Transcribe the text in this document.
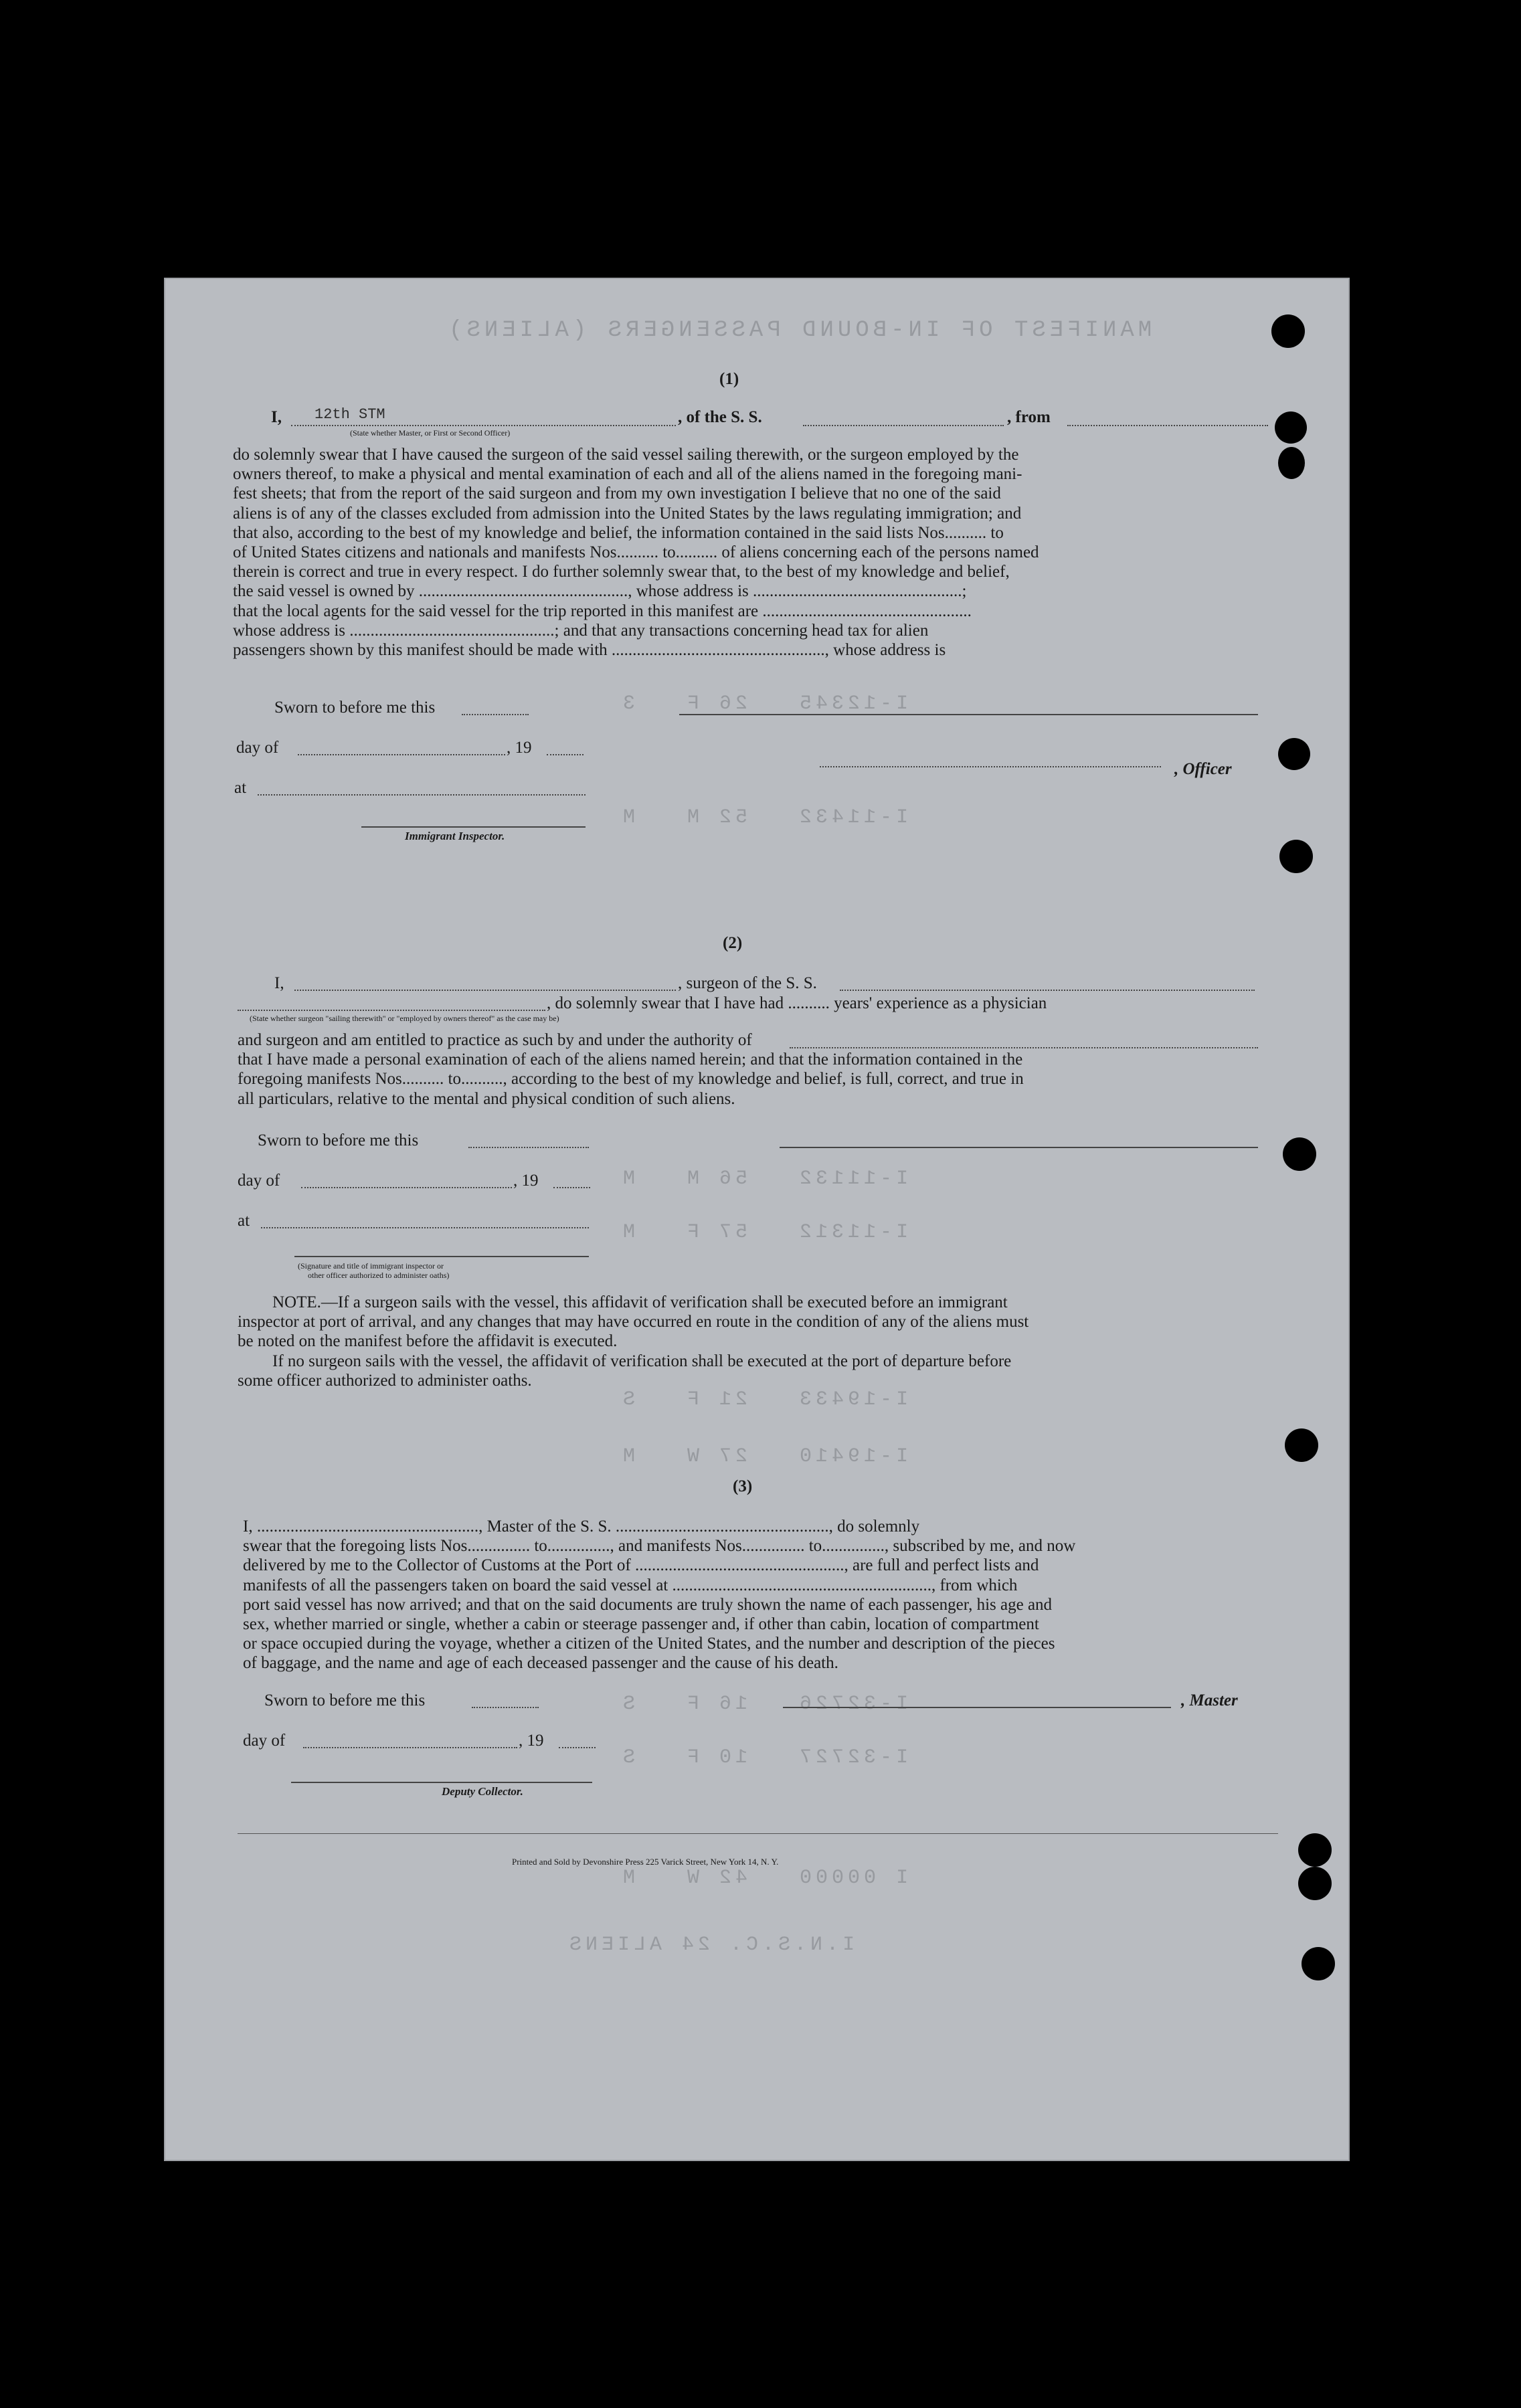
MANIFEST OF IN-BOUND PASSENGERS (ALIENS)
I-12345   26 F   3
I-11432   52 M   M
I-11132   56 M   M
I-11312   57 F   M
I-19433   21 F   S
I-19410   27 W   M
I-32726   16 F   S
I-32727   10 F   S
I 00000   42 W   M
I.N.S.C. 24 ALIENS
(1)
I, 12th STM	, of the S. S.	, from
(State whether Master, or First or Second Officer)
do solemnly swear that I have caused the surgeon of the said vessel sailing therewith, or the surgeon employed by the
owners thereof, to make a physical and mental examination of each and all of the aliens named in the foregoing mani-
fest sheets; that from the report of the said surgeon and from my own investigation I believe that no one of the said
aliens is of any of the classes excluded from admission into the United States by the laws regulating immigration; and
that also, according to the best of my knowledge and belief, the information contained in the said lists Nos.......... to
of United States citizens and nationals and manifests Nos.......... to.......... of aliens concerning each of the persons named
therein is correct and true in every respect. I do further solemnly swear that, to the best of my knowledge and belief,
the said vessel is owned by .................................................., whose address is ..................................................;
that the local agents for the said vessel for the trip reported in this manifest are ..................................................
whose address is .................................................; and that any transactions concerning head tax for alien
passengers shown by this manifest should be made with ..................................................., whose address is
Sworn to before me this
day of	, 19
, Officer
at
Immigrant Inspector.
(2)
I,	, surgeon of the S. S.
, do solemnly swear that I have had .......... years' experience as a physician
(State whether surgeon "sailing therewith" or "employed by owners thereof" as the case may be)
and surgeon and am entitled to practice as such by and under the authority of
that I have made a personal examination of each of the aliens named herein; and that the information contained in the
foregoing manifests Nos.......... to.........., according to the best of my knowledge and belief, is full, correct, and true in
all particulars, relative to the mental and physical condition of such aliens.
Sworn to before me this
day of	, 19
at
(Signature and title of immigrant inspector or
other officer authorized to administer oaths)
NOTE.—If a surgeon sails with the vessel, this affidavit of verification shall be executed before an immigrant
inspector at port of arrival, and any changes that may have occurred en route in the condition of any of the aliens must
be noted on the manifest before the affidavit is executed.
If no surgeon sails with the vessel, the affidavit of verification shall be executed at the port of departure before
some officer authorized to administer oaths.
(3)
I, ....................................................., Master of the S. S. ..................................................., do solemnly
swear that the foregoing lists Nos............... to..............., and manifests Nos............... to..............., subscribed by me, and now
delivered by me to the Collector of Customs at the Port of .................................................., are full and perfect lists and
manifests of all the passengers taken on board the said vessel at .............................................................., from which
port said vessel has now arrived; and that on the said documents are truly shown the name of each passenger, his age and
sex, whether married or single, whether a cabin or steerage passenger and, if other than cabin, location of compartment
or space occupied during the voyage, whether a citizen of the United States, and the number and description of the pieces
of baggage, and the name and age of each deceased passenger and the cause of his death.
Sworn to before me this	, Master
day of	, 19
Deputy Collector.
Printed and Sold by Devonshire Press 225 Varick Street, New York 14, N. Y.
